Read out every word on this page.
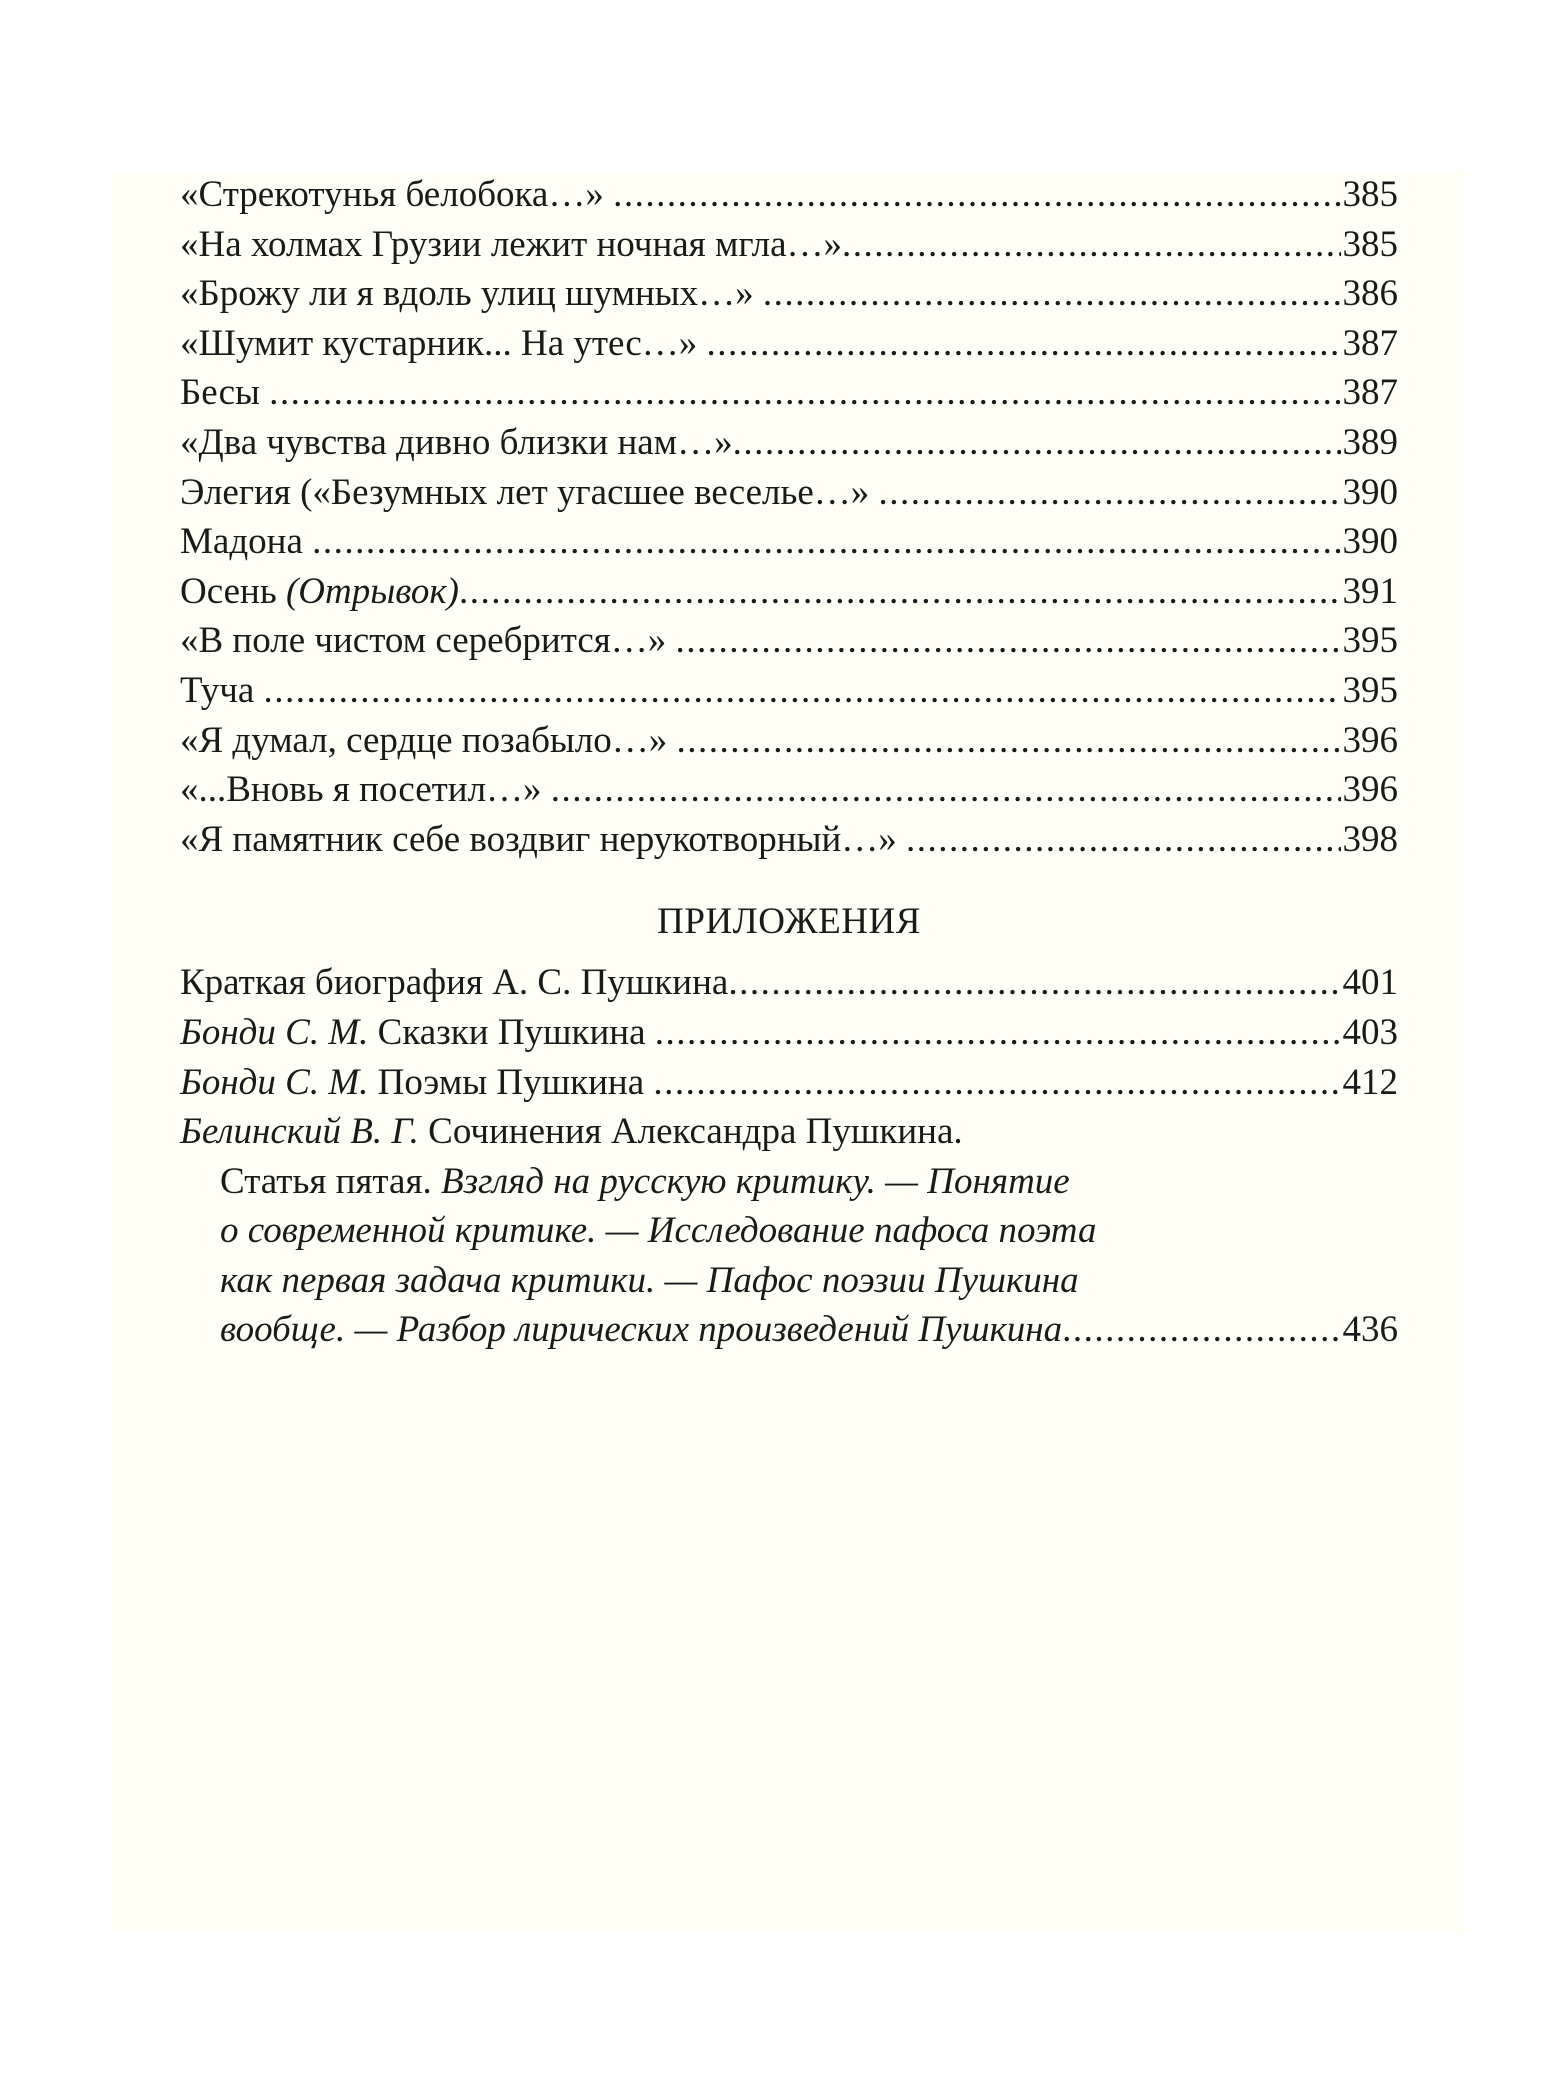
«Стрекотунья белобока…» .....	385
«На холмах Грузии лежит ночная мгла…» .....	385
«Брожу ли я вдоль улиц шумных…» .....	386
«Шумит кустарник... На утес…» .....	387
Бесы .....	387
«Два чувства дивно близки нам…» .....	389
Элегия («Безумных лет угасшее веселье…» .....	390
Мадона .....	390
Осень (Отрывок) .....	391
«В поле чистом серебрится…» .....	395
Туча .....	395
«Я думал, сердце позабыло…» .....	396
«...Вновь я посетил…» .....	396
«Я памятник себе воздвиг нерукотворный…» .....	398
ПРИЛОЖЕНИЯ
Краткая биография А. С. Пушкина .....	401
Бонди С. М. Сказки Пушкина .....	403
Бонди С. М. Поэмы Пушкина .....	412
Белинский В. Г. Сочинения Александра Пушкина.
Статья пятая. Взгляд на русскую критику. — Понятие
о современной критике. — Исследование пафоса поэта
как первая задача критики. — Пафос поэзии Пушкина
вообще. — Разбор лирических произведений Пушкина .....	436
